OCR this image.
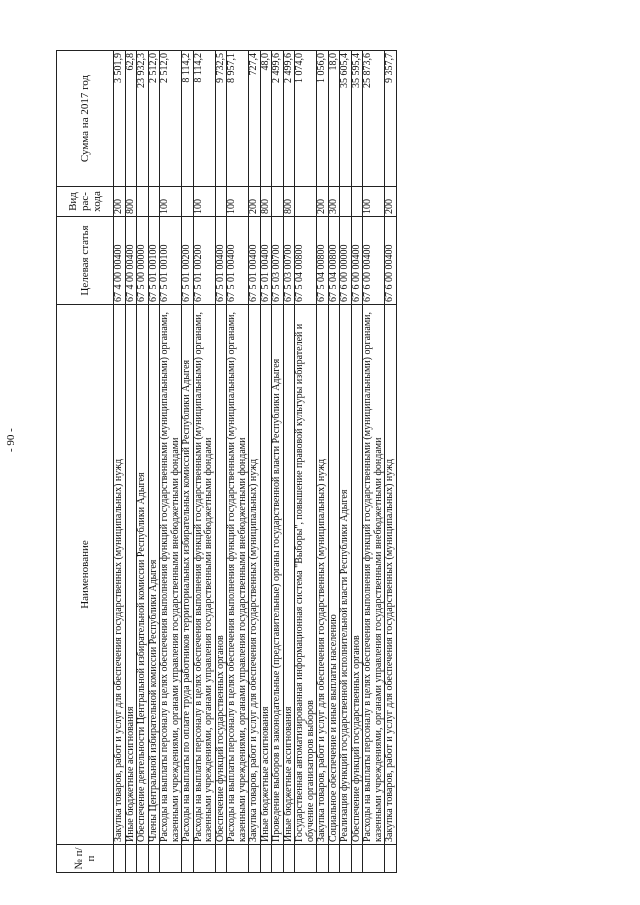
- 90 -
№ п/п	Наименование	Целевая статья	Вид рас-хода	Сумма на 2017 год
	Закупка товаров, работ и услуг для обеспечения государственных (муниципальных) нужд	67 4 00 00400	200	3 501,9
	Иные бюджетные ассигнования	67 4 00 00400	800	62,8
	Обеспечение деятельности Центральной избирательной комиссии Республики Адыгея	67 5 00 00000		23 932,3
	Члены Центральной избирательной комиссии Республики Адыгея	67 5 01 00100		2 512,0
	Расходы на выплаты персоналу в целях обеспечения выполнения функций государственными (муниципальными) органами, казенными учреждениями, органами управления государственными внебюджетными фондами	67 5 01 00100	100	2 512,0
	Расходы на выплаты по оплате труда работников территориальных избирательных комиссий Республики Адыгея	67 5 01 00200		8 114,2
	Расходы на выплаты персоналу в целях обеспечения выполнения функций государственными (муниципальными) органами, казенными учреждениями, органами управления государственными внебюджетными фондами	67 5 01 00200	100	8 114,2
	Обеспечение функций государственных органов	67 5 01 00400		9 732,5
	Расходы на выплаты персоналу в целях обеспечения выполнения функций государственными (муниципальными) органами, казенными учреждениями, органами управления государственными внебюджетными фондами	67 5 01 00400	100	8 957,1
	Закупка товаров, работ и услуг для обеспечения государственных (муниципальных) нужд	67 5 01 00400	200	727,4
	Иные бюджетные ассигнования	67 5 01 00400	800	48,0
	Проведение выборов в законодательные (представительные) органы государственной власти Республики Адыгея	67 5 03 00700		2 499,6
	Иные бюджетные ассигнования	67 5 03 00700	800	2 499,6
	Государственная автоматизированная информационная система "Выборы", повышение правовой культуры избирателей и обучение организаторов выборов	67 5 04 00800		1 074,0
	Закупка товаров, работ и услуг для обеспечения государственных (муниципальных) нужд	67 5 04 00800	200	1 056,0
	Социальное обеспечение и иные выплаты населению	67 5 04 00800	300	18,0
	Реализация функций государственной исполнительной власти Республики Адыгея	67 6 00 00000		35 605,4
	Обеспечение функций государственных органов	67 6 00 00400		35 595,4
	Расходы на выплаты персоналу в целях обеспечения выполнения функций государственными (муниципальными) органами, казенными учреждениями, органами управления государственными внебюджетными фондами	67 6 00 00400	100	25 873,6
	Закупка товаров, работ и услуг для обеспечения государственных (муниципальных) нужд	67 6 00 00400	200	9 357,7
